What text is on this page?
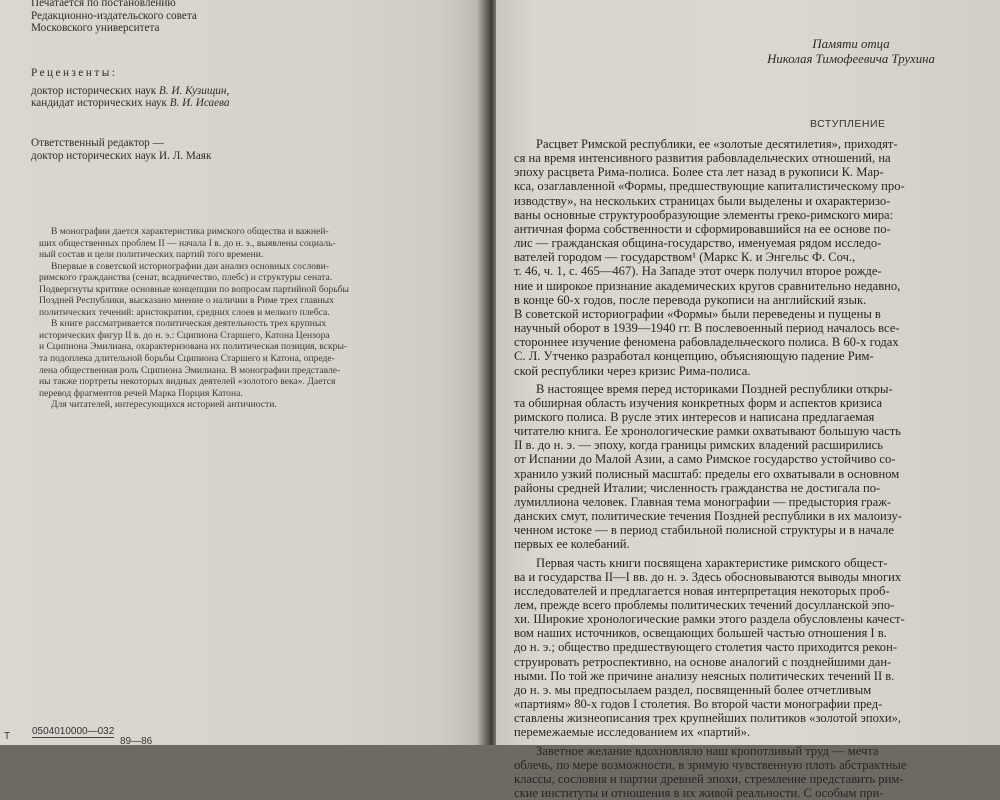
Печатается по постановлению
Редакционно-издательского совета
Московского университета
Рецензенты:
доктор исторических наук В. И. Кузищин,
кандидат исторических наук В. И. Исаева
Ответственный редактор —
доктор исторических наук И. Л. Маяк
В монографии дается характеристика римского общества и важней-
ших общественных проблем II — начала I в. до н. э., выявлены социаль-
ный состав и цели политических партий того времени.
Впервые в советской историографии дан анализ основных сослови-
римского гражданства (сенат, всадничество, плебс) и структуры сената.
Подвергнуты критике основные концепции по вопросам партийной борьбы
Поздней Республики, высказано мнение о наличии в Риме трех главных
политических течений: аристократии, средних слоев и мелкого плебса.
В книге рассматривается политическая деятельность трех крупных
исторических фигур II в. до н. э.: Сципиона Старшего, Катона Цензора
и Сципиона Эмилиана, охарактеризована их политическая позиция, вскры-
та подоплека длительной борьбы Сципиона Старшего и Катона, опреде-
лена общественная роль Сципиона Эмилиана. В монографии представле-
ны также портреты некоторых видных деятелей «золотого века». Дается
перевод фрагментов речей Марка Порция Катона.
Для читателей, интересующихся историей античности.
Т 0504010000—032
89—86
Памяти отца
Николая Тимофеевича Трухина
ВСТУПЛЕНИЕ
Расцвет Римской республики, ее «золотые десятилетия», приходят-
ся на время интенсивного развития рабовладельческих отношений, на
эпоху расцвета Рима-полиса. Более ста лет назад в рукописи К. Мар-
кса, озаглавленной «Формы, предшествующие капиталистическому про-
изводству», на нескольких страницах были выделены и охарактеризо-
ваны основные структурообразующие элементы греко-римского мира:
античная форма собственности и сформировавшийся на ее основе по-
лис — гражданская община-государство, именуемая рядом исследо-
вателей городом — государством¹ (Маркс К. и Энгельс Ф. Соч.,
т. 46, ч. 1, с. 465—467). На Западе этот очерк получил второе рожде-
ние и широкое признание академических кругов сравнительно недавно,
в конце 60-х годов, после перевода рукописи на английский язык.
В советской историографии «Формы» были переведены и пущены в
научный оборот в 1939—1940 гг. В послевоенный период началось все-
стороннее изучение феномена рабовладельческого полиса. В 60-х годах
С. Л. Утченко разработал концепцию, объясняющую падение Рим-
ской республики через кризис Рима-полиса.
В настоящее время перед историками Поздней республики откры-
та обширная область изучения конкретных форм и аспектов кризиса
римского полиса. В русле этих интересов и написана предлагаемая
читателю книга. Ее хронологические рамки охватывают большую часть
II в. до н. э. — эпоху, когда границы римских владений расширились
от Испании до Малой Азии, а само Римское государство устойчиво со-
хранило узкий полисный масштаб: пределы его охватывали в основном
районы средней Италии; численность гражданства не достигала по-
лумиллиона человек. Главная тема монографии — предыстория граж-
данских смут, политические течения Поздней республики в их малоизу-
ченном истоке — в период стабильной полисной структуры и в начале
первых ее колебаний.
Первая часть книги посвящена характеристике римского общест-
ва и государства II—I вв. до н. э. Здесь обосновываются выводы многих
исследователей и предлагается новая интерпретация некоторых проб-
лем, прежде всего проблемы политических течений досулланской эпо-
хи. Широкие хронологические рамки этого раздела обусловлены качест-
вом наших источников, освещающих большей частью отношения I в.
до н. э.; общество предшествующего столетия часто приходится рекон-
струировать ретроспективно, на основе аналогий с позднейшими дан-
ными. По той же причине анализу неясных политических течений II в.
до н. э. мы предпосылаем раздел, посвященный более отчетливым
«партиям» 80-х годов I столетия. Во второй части монографии пред-
ставлены жизнеописания трех крупнейших политиков «золотой эпохи»,
перемежаемые исследованием их «партий».
Заветное желание вдохновляло наш кропотливый труд — мечта
облечь, по мере возможности, в зримую чувственную плоть абстрактные
классы, сословия и партии древней эпохи, стремление представить рим-
ские институты и отношения в их живой реальности. С особым при-
